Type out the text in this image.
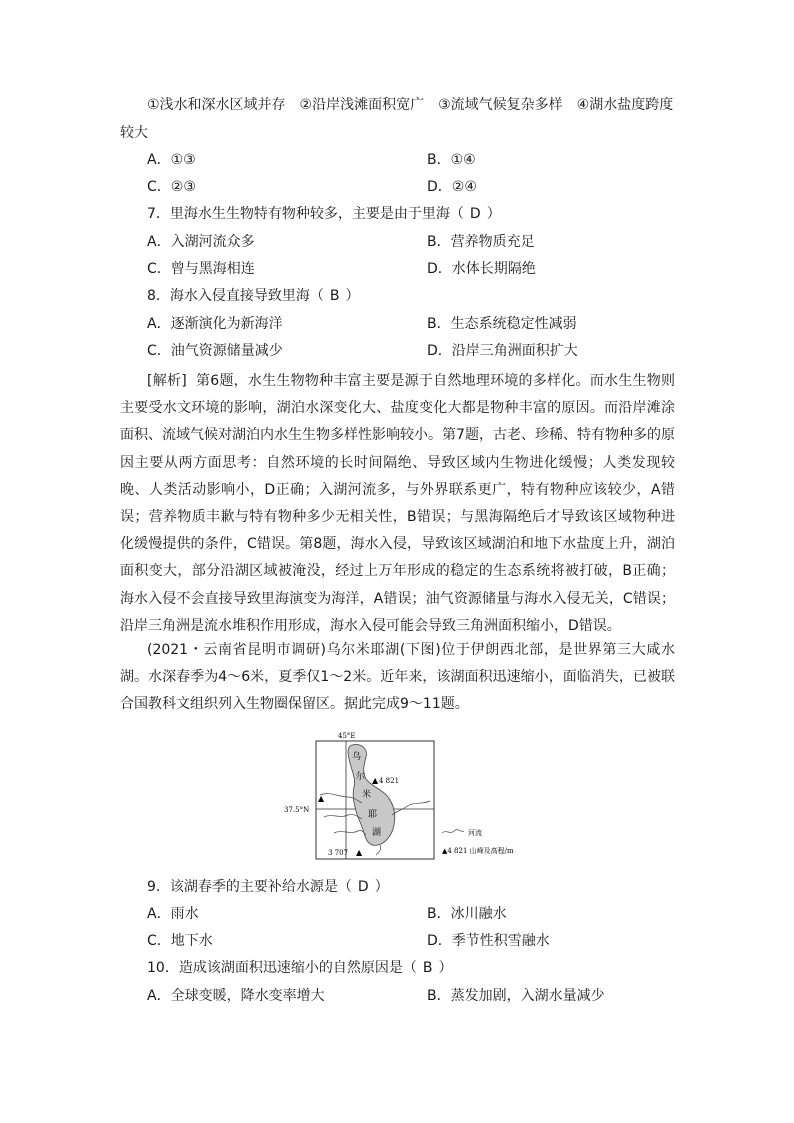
①浅水和深水区域并存　②沿岸浅滩面积宽广　③流域气候复杂多样　④湖水盐度跨度
较大
A．①③	B．①④
C．②③	D．②④
7．里海水生生物特有物种较多，主要是由于里海（ D ）
A．入湖河流众多	B．营养物质充足
C．曾与黑海相连	D．水体长期隔绝
8．海水入侵直接导致里海（ B ）
A．逐渐演化为新海洋	B．生态系统稳定性减弱
C．油气资源储量减少	D．沿岸三角洲面积扩大
[解析] 第6题，水生生物物种丰富主要是源于自然地理环境的多样化。而水生生物则主要受水文环境的影响，湖泊水深变化大、盐度变化大都是物种丰富的原因。而沿岸滩涂面积、流域气候对湖泊内水生生物多样性影响较小。第7题，古老、珍稀、特有物种多的原因主要从两方面思考：自然环境的长时间隔绝、导致区域内生物进化缓慢；人类发现较晚、人类活动影响小，D正确；入湖河流多，与外界联系更广，特有物种应该较少，A错误；营养物质丰歉与特有物种多少无相关性，B错误；与黑海隔绝后才导致该区域物种进化缓慢提供的条件，C错误。第8题，海水入侵，导致该区域湖泊和地下水盐度上升，湖泊面积变大，部分沿湖区域被淹没，经过上万年形成的稳定的生态系统将被打破，B正确；海水入侵不会直接导致里海演变为海洋，A错误；油气资源储量与海水入侵无关，C错误；沿岸三角洲是流水堆积作用形成，海水入侵可能会导致三角洲面积缩小，D错误。
(2021・云南省昆明市调研)乌尔米耶湖(下图)位于伊朗西北部，是世界第三大咸水湖。水深春季为4～6米，夏季仅1～2米。近年来，该湖面积迅速缩小，面临消失，已被联合国教科文组织列入生物圈保留区。据此完成9～11题。
乌
尔
米
耶
湖
45°E
37.5°N
▲ 4 821
▲
▲
3 707
河流
▲4 821 山峰及高程/m
9．该湖春季的主要补给水源是（ D ）
A．雨水	B．冰川融水
C．地下水	D．季节性积雪融水
10．造成该湖面积迅速缩小的自然原因是（ B ）
A．全球变暖，降水变率增大	B．蒸发加剧，入湖水量减少
